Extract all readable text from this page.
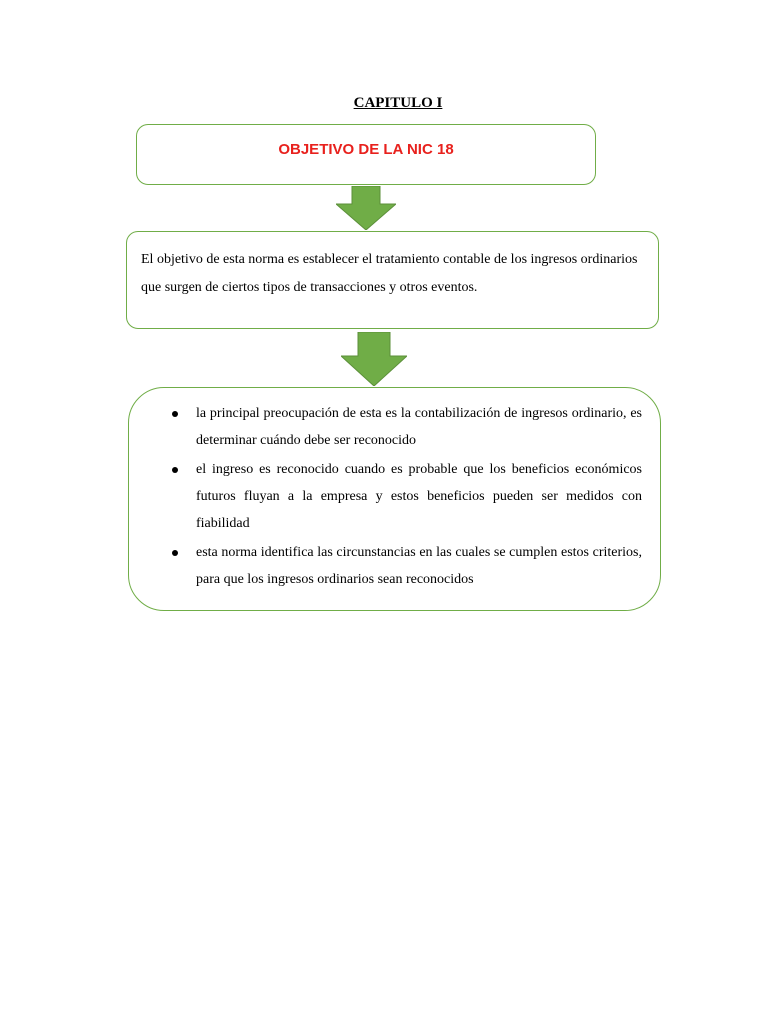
CAPITULO I
OBJETIVO DE LA NIC 18
El objetivo de esta norma es establecer el tratamiento contable de los ingresos ordinarios que surgen de ciertos tipos de transacciones y otros eventos.
la principal preocupación de esta es la contabilización de ingresos ordinario, es determinar cuándo debe ser reconocido
el ingreso es reconocido cuando es probable que los beneficios económicos futuros fluyan a la empresa y estos beneficios pueden ser medidos con fiabilidad
esta norma identifica las circunstancias en las cuales se cumplen estos criterios, para que los ingresos ordinarios sean reconocidos
